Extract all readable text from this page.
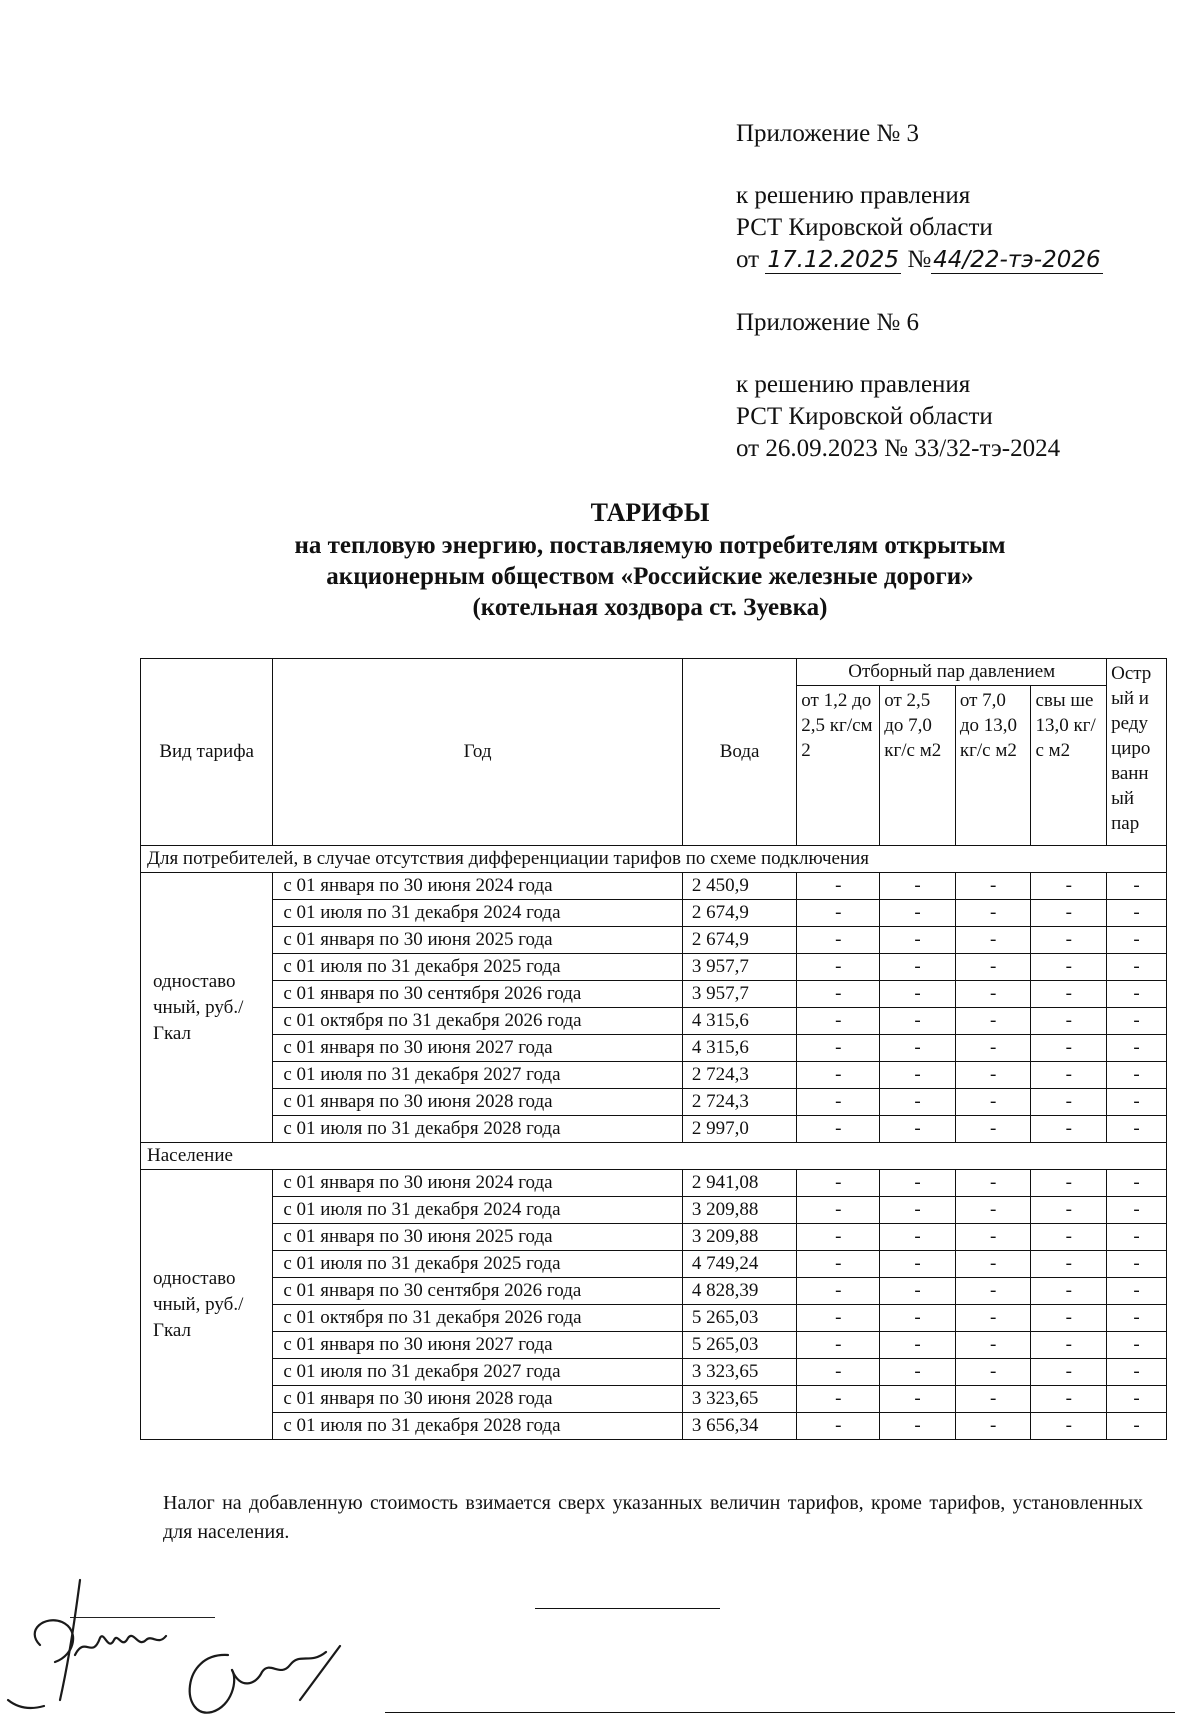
Приложение № 3
к решению правления
РСТ Кировской области
от 17.12.2025 №44/22-тэ-2026
Приложение № 6
к решению правления
РСТ Кировской области
от 26.09.2023 № 33/32-тэ-2024
ТАРИФЫ
на тепловую энергию, поставляемую потребителям открытым
акционерным обществом «Российские железные дороги»
(котельная хоздвора ст. Зуевка)
Вид тарифа	Год	Вода	Отборный пар давлением				Остр ый и реду циро ванн ый пар
			от 1,2 до 2,5 кг/см 2	от 2,5 до 7,0 кг/с м2	от 7,0 до 13,0 кг/с м2	свы ше 13,0 кг/с м2	
Для потребителей, в случае отсутствия дифференциации тарифов по схеме подключения							
одноставо чный, руб./Гкал	с 01 января по 30 июня 2024 года	2 450,9	-	-	-	-	-
	с 01 июля по 31 декабря 2024 года	2 674,9	-	-	-	-	-
	с 01 января по 30 июня 2025 года	2 674,9	-	-	-	-	-
	с 01 июля по 31 декабря 2025 года	3 957,7	-	-	-	-	-
	с 01 января по 30 сентября 2026 года	3 957,7	-	-	-	-	-
	с 01 октября по 31 декабря 2026 года	4 315,6	-	-	-	-	-
	с 01 января по 30 июня 2027 года	4 315,6	-	-	-	-	-
	с 01 июля по 31 декабря 2027 года	2 724,3	-	-	-	-	-
	с 01 января по 30 июня 2028 года	2 724,3	-	-	-	-	-
	с 01 июля по 31 декабря 2028 года	2 997,0	-	-	-	-	-
Население							
одноставо чный, руб./Гкал	с 01 января по 30 июня 2024 года	2 941,08	-	-	-	-	-
	с 01 июля по 31 декабря 2024 года	3 209,88	-	-	-	-	-
	с 01 января по 30 июня 2025 года	3 209,88	-	-	-	-	-
	с 01 июля по 31 декабря 2025 года	4 749,24	-	-	-	-	-
	с 01 января по 30 сентября 2026 года	4 828,39	-	-	-	-	-
	с 01 октября по 31 декабря 2026 года	5 265,03	-	-	-	-	-
	с 01 января по 30 июня 2027 года	5 265,03	-	-	-	-	-
	с 01 июля по 31 декабря 2027 года	3 323,65	-	-	-	-	-
	с 01 января по 30 июня 2028 года	3 323,65	-	-	-	-	-
	с 01 июля по 31 декабря 2028 года	3 656,34	-	-	-	-	-
Налог на добавленную стоимость взимается сверх указанных величин тарифов, кроме тарифов, установленных для населения.
